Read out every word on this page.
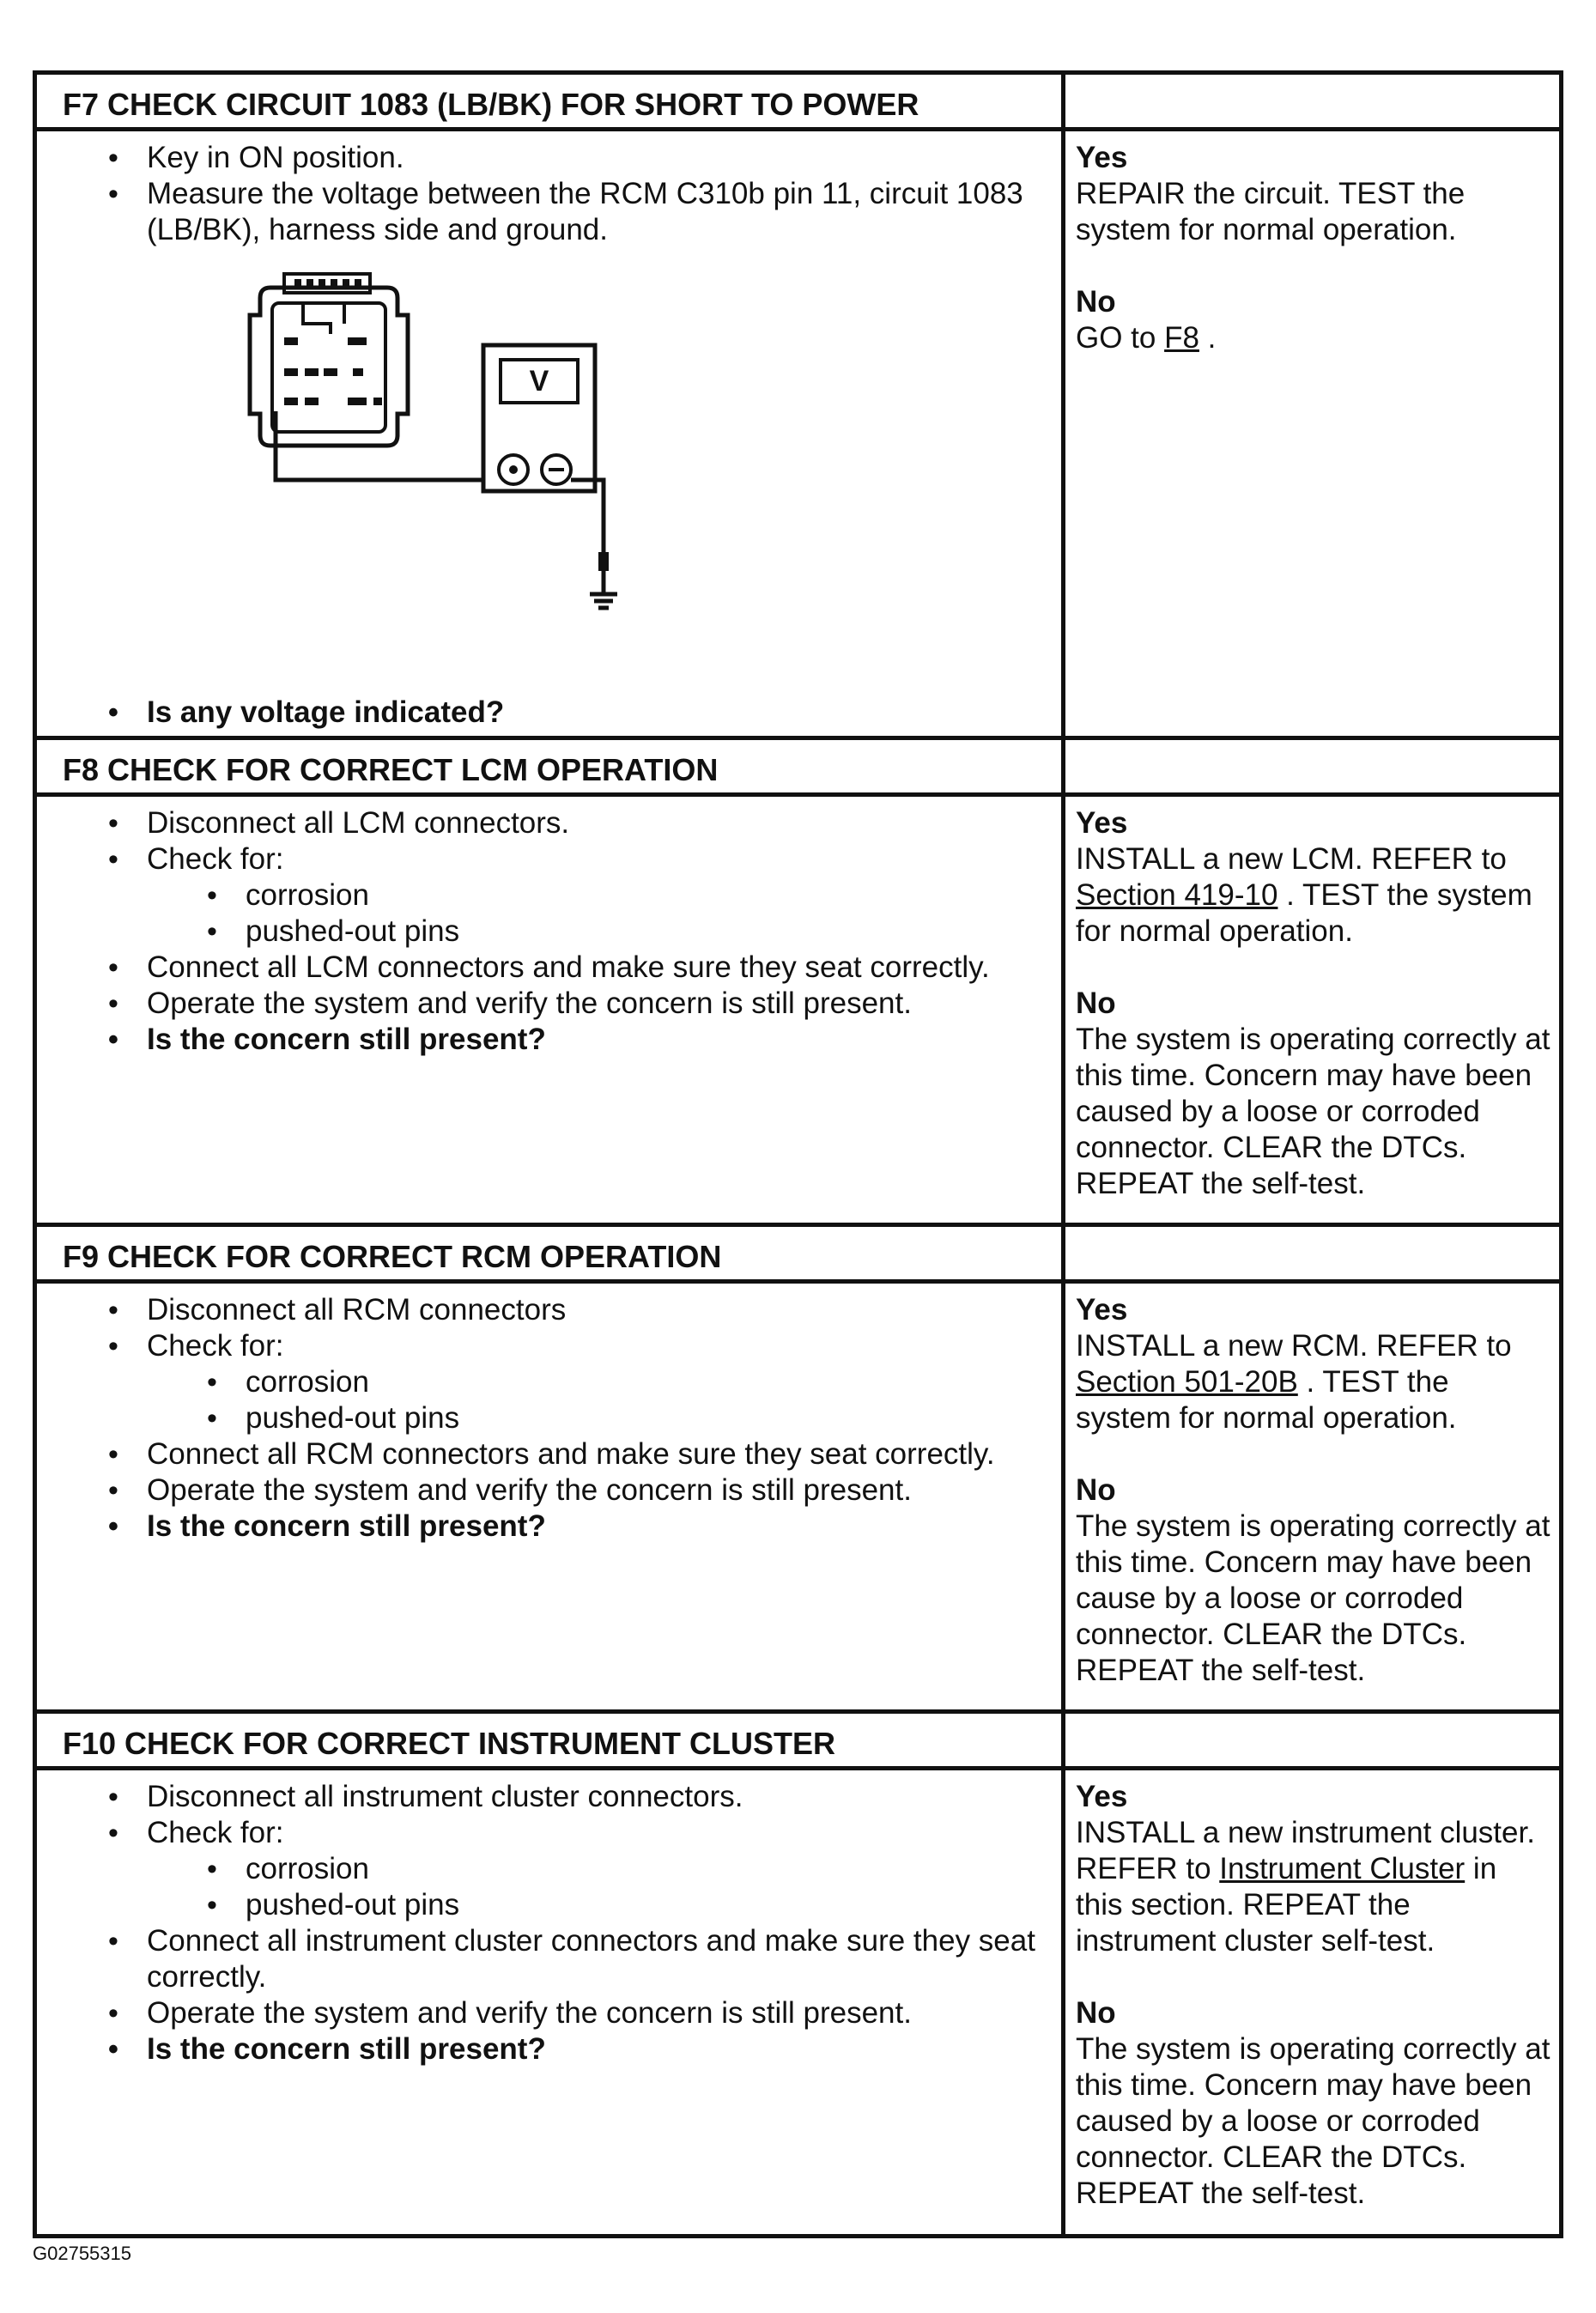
F7 CHECK CIRCUIT 1083 (LB/BK) FOR SHORT TO POWER
• Key in ON position.
• Measure the voltage between the RCM C310b pin 11, circuit 1083 (LB/BK), harness side and ground.
V
• Is any voltage indicated?
Yes
REPAIR the circuit. TEST the system for normal operation.
No
GO to F8 .
F8 CHECK FOR CORRECT LCM OPERATION
• Disconnect all LCM connectors.
• Check for:
• corrosion
• pushed-out pins
• Connect all LCM connectors and make sure they seat correctly.
• Operate the system and verify the concern is still present.
• Is the concern still present?
Yes
INSTALL a new LCM. REFER to Section 419-10 . TEST the system for normal operation.
No
The system is operating correctly at this time. Concern may have been caused by a loose or corroded connector. CLEAR the DTCs. REPEAT the self-test.
F9 CHECK FOR CORRECT RCM OPERATION
• Disconnect all RCM connectors
• Check for:
• corrosion
• pushed-out pins
• Connect all RCM connectors and make sure they seat correctly.
• Operate the system and verify the concern is still present.
• Is the concern still present?
Yes
INSTALL a new RCM. REFER to Section 501-20B . TEST the system for normal operation.
No
The system is operating correctly at this time. Concern may have been cause by a loose or corroded connector. CLEAR the DTCs. REPEAT the self-test.
F10 CHECK FOR CORRECT INSTRUMENT CLUSTER
• Disconnect all instrument cluster connectors.
• Check for:
• corrosion
• pushed-out pins
• Connect all instrument cluster connectors and make sure they seat correctly.
• Operate the system and verify the concern is still present.
• Is the concern still present?
Yes
INSTALL a new instrument cluster. REFER to Instrument Cluster in this section. REPEAT the instrument cluster self-test.
No
The system is operating correctly at this time. Concern may have been caused by a loose or corroded connector. CLEAR the DTCs. REPEAT the self-test.
G02755315
